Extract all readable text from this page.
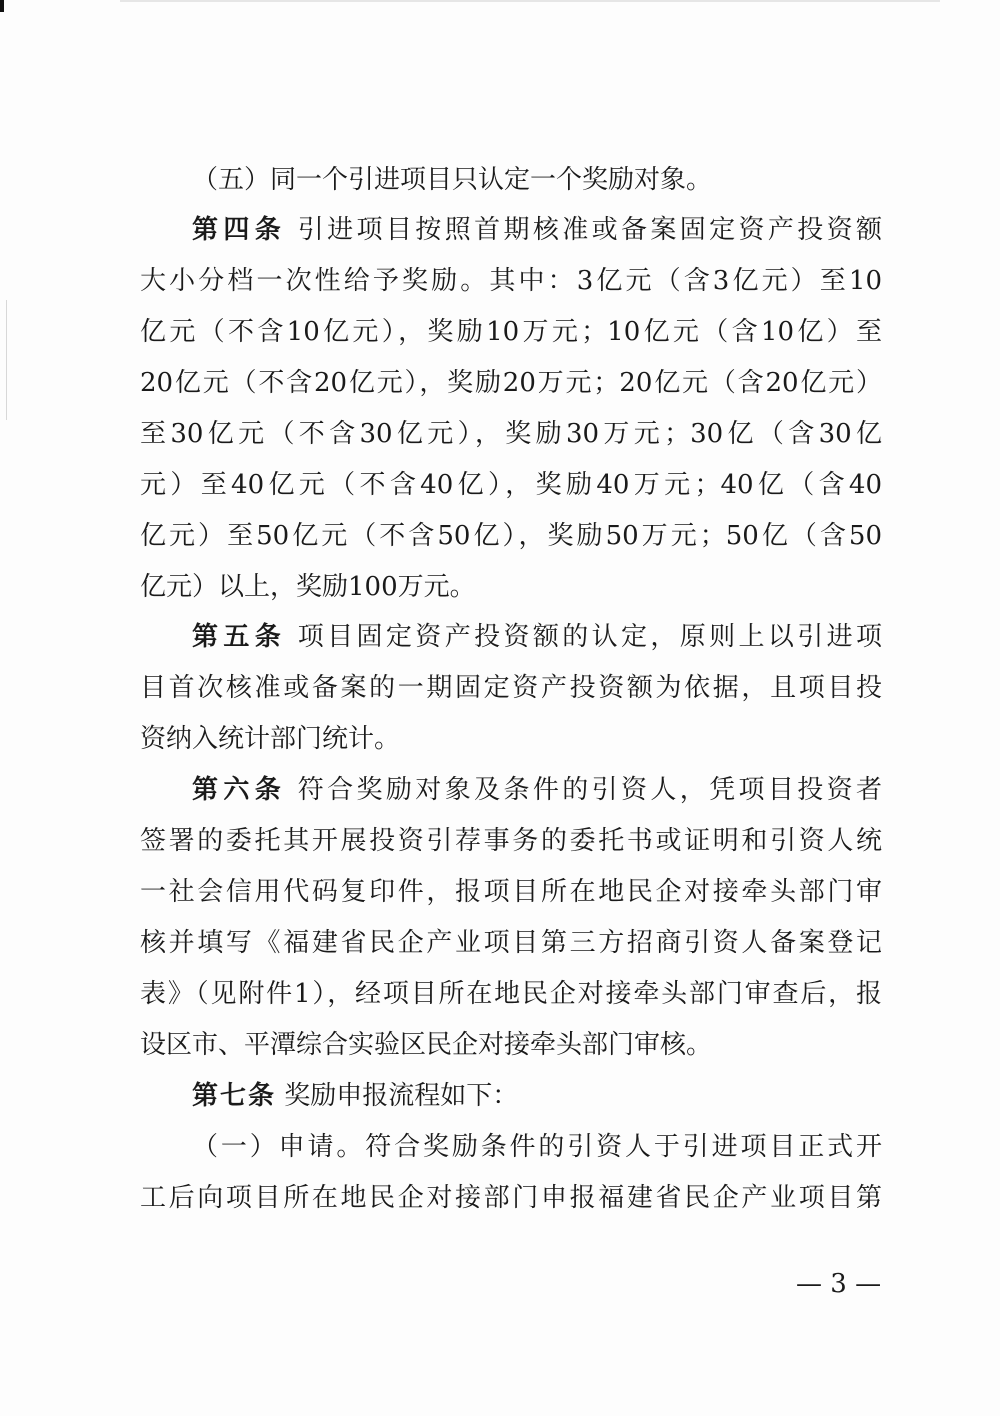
（五）同一个引进项目只认定一个奖励对象。
第四条 引进项目按照首期核准或备案固定资产投资额
大小分档一次性给予奖励。其中：3亿元（含3亿元）至10
亿元（不含10亿元），奖励10万元；10亿元（含10亿）至
20亿元（不含20亿元），奖励20万元；20亿元（含20亿元）
至30亿元（不含30亿元），奖励30万元；30亿（含30亿
元）至40亿元（不含40亿），奖励40万元；40亿（含40
亿元）至50亿元（不含50亿），奖励50万元；50亿（含50
亿元）以上，奖励100万元。
第五条 项目固定资产投资额的认定，原则上以引进项
目首次核准或备案的一期固定资产投资额为依据，且项目投
资纳入统计部门统计。
第六条 符合奖励对象及条件的引资人，凭项目投资者
签署的委托其开展投资引荐事务的委托书或证明和引资人统
一社会信用代码复印件，报项目所在地民企对接牵头部门审
核并填写《福建省民企产业项目第三方招商引资人备案登记
表》（见附件1），经项目所在地民企对接牵头部门审查后，报
设区市、平潭综合实验区民企对接牵头部门审核。
第七条 奖励申报流程如下：
（一）申请。符合奖励条件的引资人于引进项目正式开
工后向项目所在地民企对接部门申报福建省民企产业项目第
— 3 —
